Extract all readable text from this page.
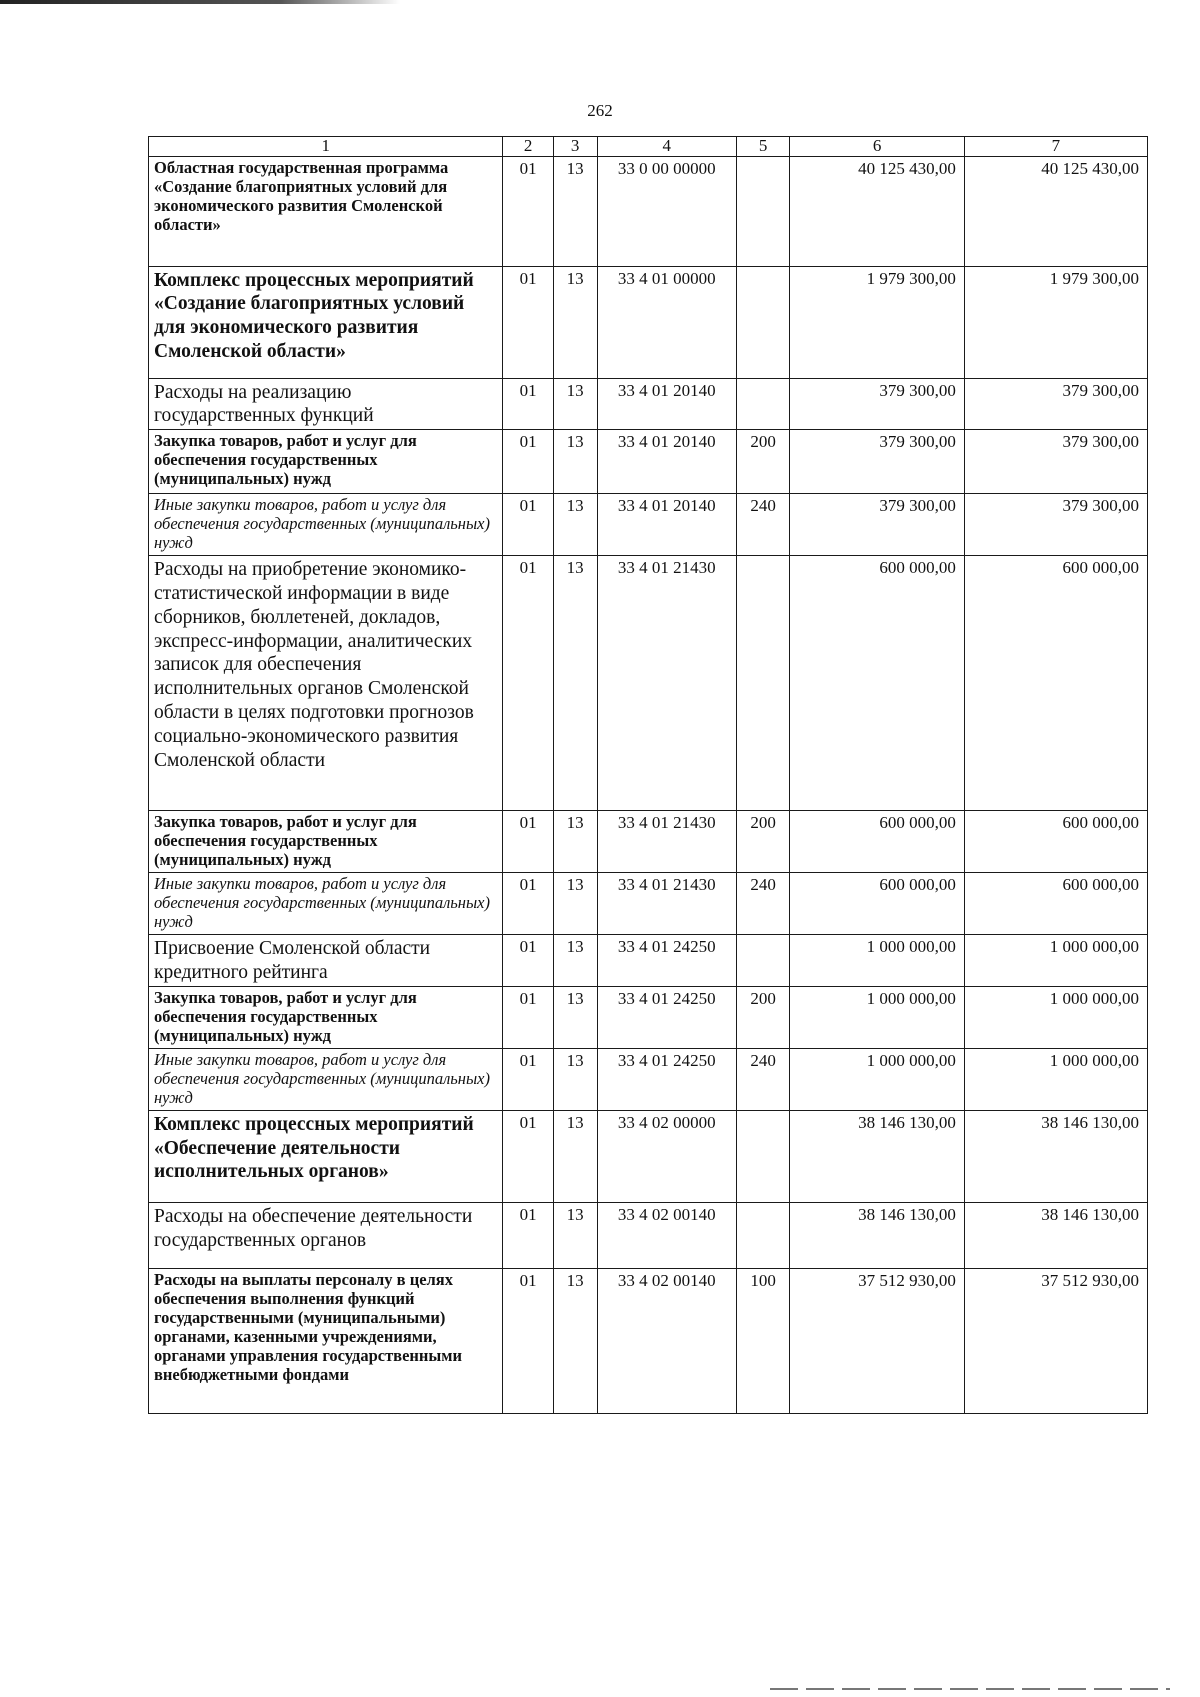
262
1	2	3	4	5	6	7
Областная государственная программа «Создание благоприятных условий для экономического развития Смоленской области»	01	13	33 0 00 00000		40 125 430,00	40 125 430,00
Комплекс процессных мероприятий «Создание благоприятных условий для экономического развития Смоленской области»	01	13	33 4 01 00000		1 979 300,00	1 979 300,00
Расходы на реализацию государственных функций	01	13	33 4 01 20140		379 300,00	379 300,00
Закупка товаров, работ и услуг для обеспечения государственных (муниципальных) нужд	01	13	33 4 01 20140	200	379 300,00	379 300,00
Иные закупки товаров, работ и услуг для обеспечения государственных (муниципальных) нужд	01	13	33 4 01 20140	240	379 300,00	379 300,00
Расходы на приобретение экономико-статистической информации в виде сборников, бюллетеней, докладов, экспресс-информации, аналитических записок для обеспечения исполнительных органов Смоленской области в целях подготовки прогнозов социально-экономического развития Смоленской области	01	13	33 4 01 21430		600 000,00	600 000,00
Закупка товаров, работ и услуг для обеспечения государственных (муниципальных) нужд	01	13	33 4 01 21430	200	600 000,00	600 000,00
Иные закупки товаров, работ и услуг для обеспечения государственных (муниципальных) нужд	01	13	33 4 01 21430	240	600 000,00	600 000,00
Присвоение Смоленской области кредитного рейтинга	01	13	33 4 01 24250		1 000 000,00	1 000 000,00
Закупка товаров, работ и услуг для обеспечения государственных (муниципальных) нужд	01	13	33 4 01 24250	200	1 000 000,00	1 000 000,00
Иные закупки товаров, работ и услуг для обеспечения государственных (муниципальных) нужд	01	13	33 4 01 24250	240	1 000 000,00	1 000 000,00
Комплекс процессных мероприятий «Обеспечение деятельности исполнительных органов»	01	13	33 4 02 00000		38 146 130,00	38 146 130,00
Расходы на обеспечение деятельности государственных органов	01	13	33 4 02 00140		38 146 130,00	38 146 130,00
Расходы на выплаты персоналу в целях обеспечения выполнения функций государственными (муниципальными) органами, казенными учреждениями, органами управления государственными внебюджетными фондами	01	13	33 4 02 00140	100	37 512 930,00	37 512 930,00
